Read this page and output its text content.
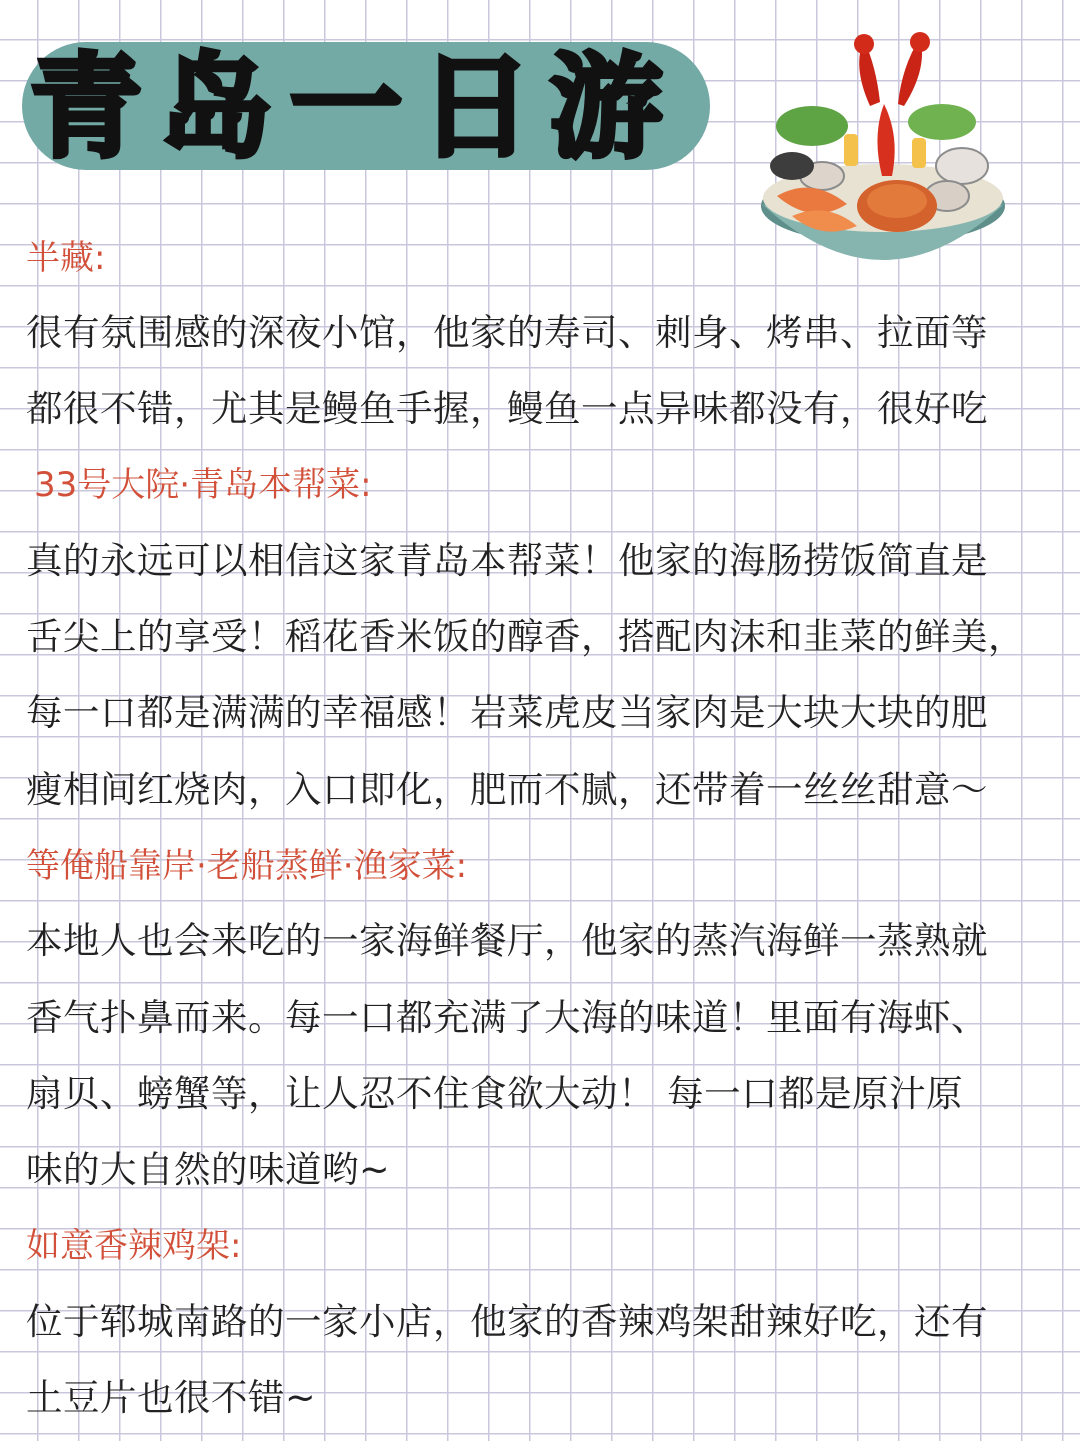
青岛一日游
半藏:
很有氛围感的深夜小馆，他家的寿司、刺身、烤串、拉面等
都很不错，尤其是鳗鱼手握，鳗鱼一点异味都没有，很好吃
33号大院·青岛本帮菜:
真的永远可以相信这家青岛本帮菜！他家的海肠捞饭简直是
舌尖上的享受！稻花香米饭的醇香，搭配肉沫和韭菜的鲜美，
每一口都是满满的幸福感！岩菜虎皮当家肉是大块大块的肥
瘦相间红烧肉，入口即化，肥而不腻，还带着一丝丝甜意～
等俺船靠岸·老船蒸鲜·渔家菜:
本地人也会来吃的一家海鲜餐厅，他家的蒸汽海鲜一蒸熟就
香气扑鼻而来。每一口都充满了大海的味道！里面有海虾、
扇贝、螃蟹等，让人忍不住食欲大动！ 每一口都是原汁原
味的大自然的味道哟~
如意香辣鸡架:
位于郓城南路的一家小店，他家的香辣鸡架甜辣好吃，还有
土豆片也很不错~
